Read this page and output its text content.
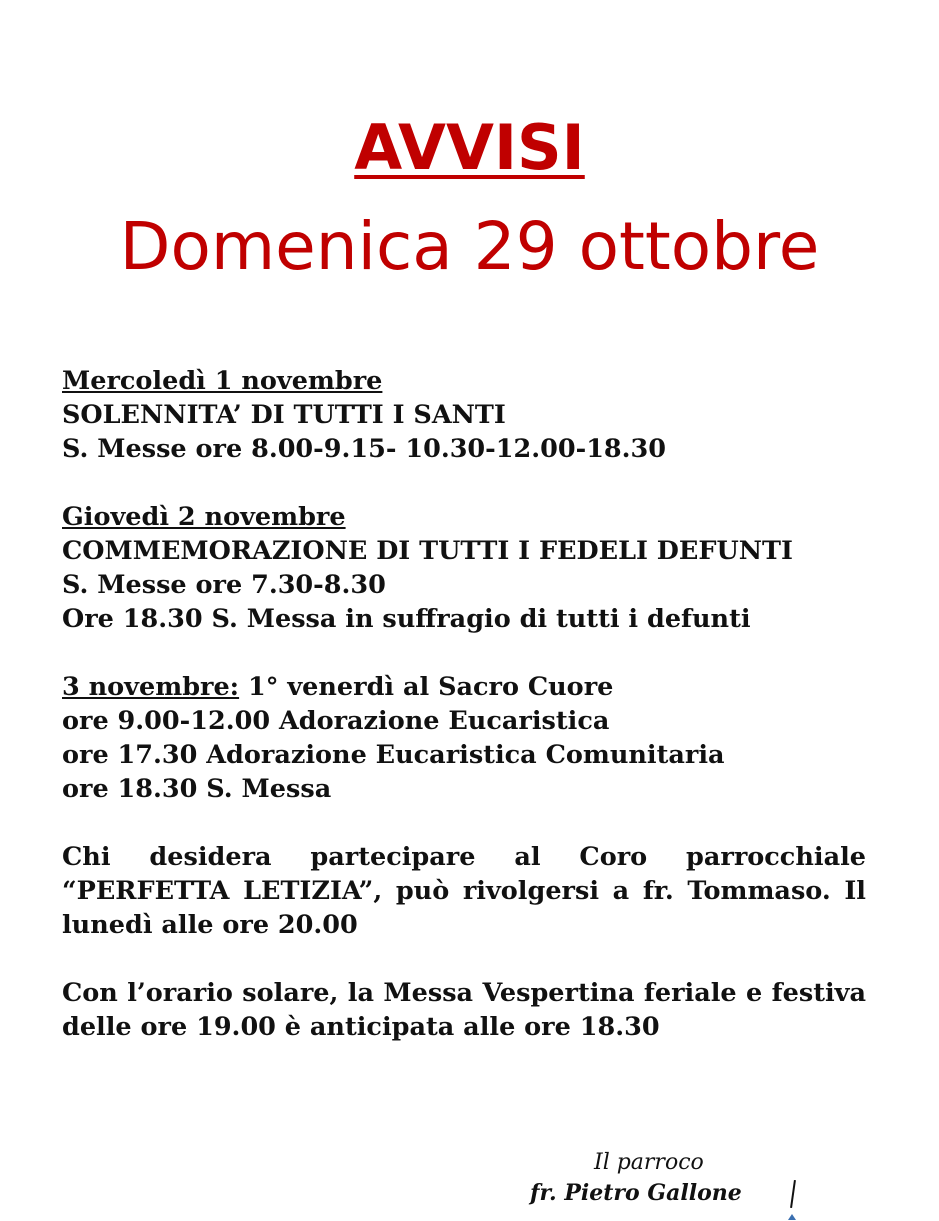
AVVISI
Domenica 29 ottobre
Mercoledì 1 novembre
SOLENNITA’ DI TUTTI I SANTI
S. Messe ore 8.00-9.15- 10.30-12.00-18.30
Giovedì 2 novembre
COMMEMORAZIONE DI TUTTI I FEDELI DEFUNTI
S. Messe ore 7.30-8.30
Ore 18.30 S. Messa in suffragio di tutti i defunti
3 novembre: 1° venerdì al Sacro Cuore
ore 9.00-12.00 Adorazione Eucaristica
ore 17.30 Adorazione Eucaristica Comunitaria
ore 18.30 S. Messa
Chi desidera partecipare al Coro parrocchiale “PERFETTA LETIZIA”, può rivolgersi a fr. Tommaso. Il lunedì alle ore 20.00
Con l’orario solare, la Messa Vespertina feriale e festiva delle ore 19.00 è anticipata alle ore 18.30
Il parroco
fr. Pietro Gallone
